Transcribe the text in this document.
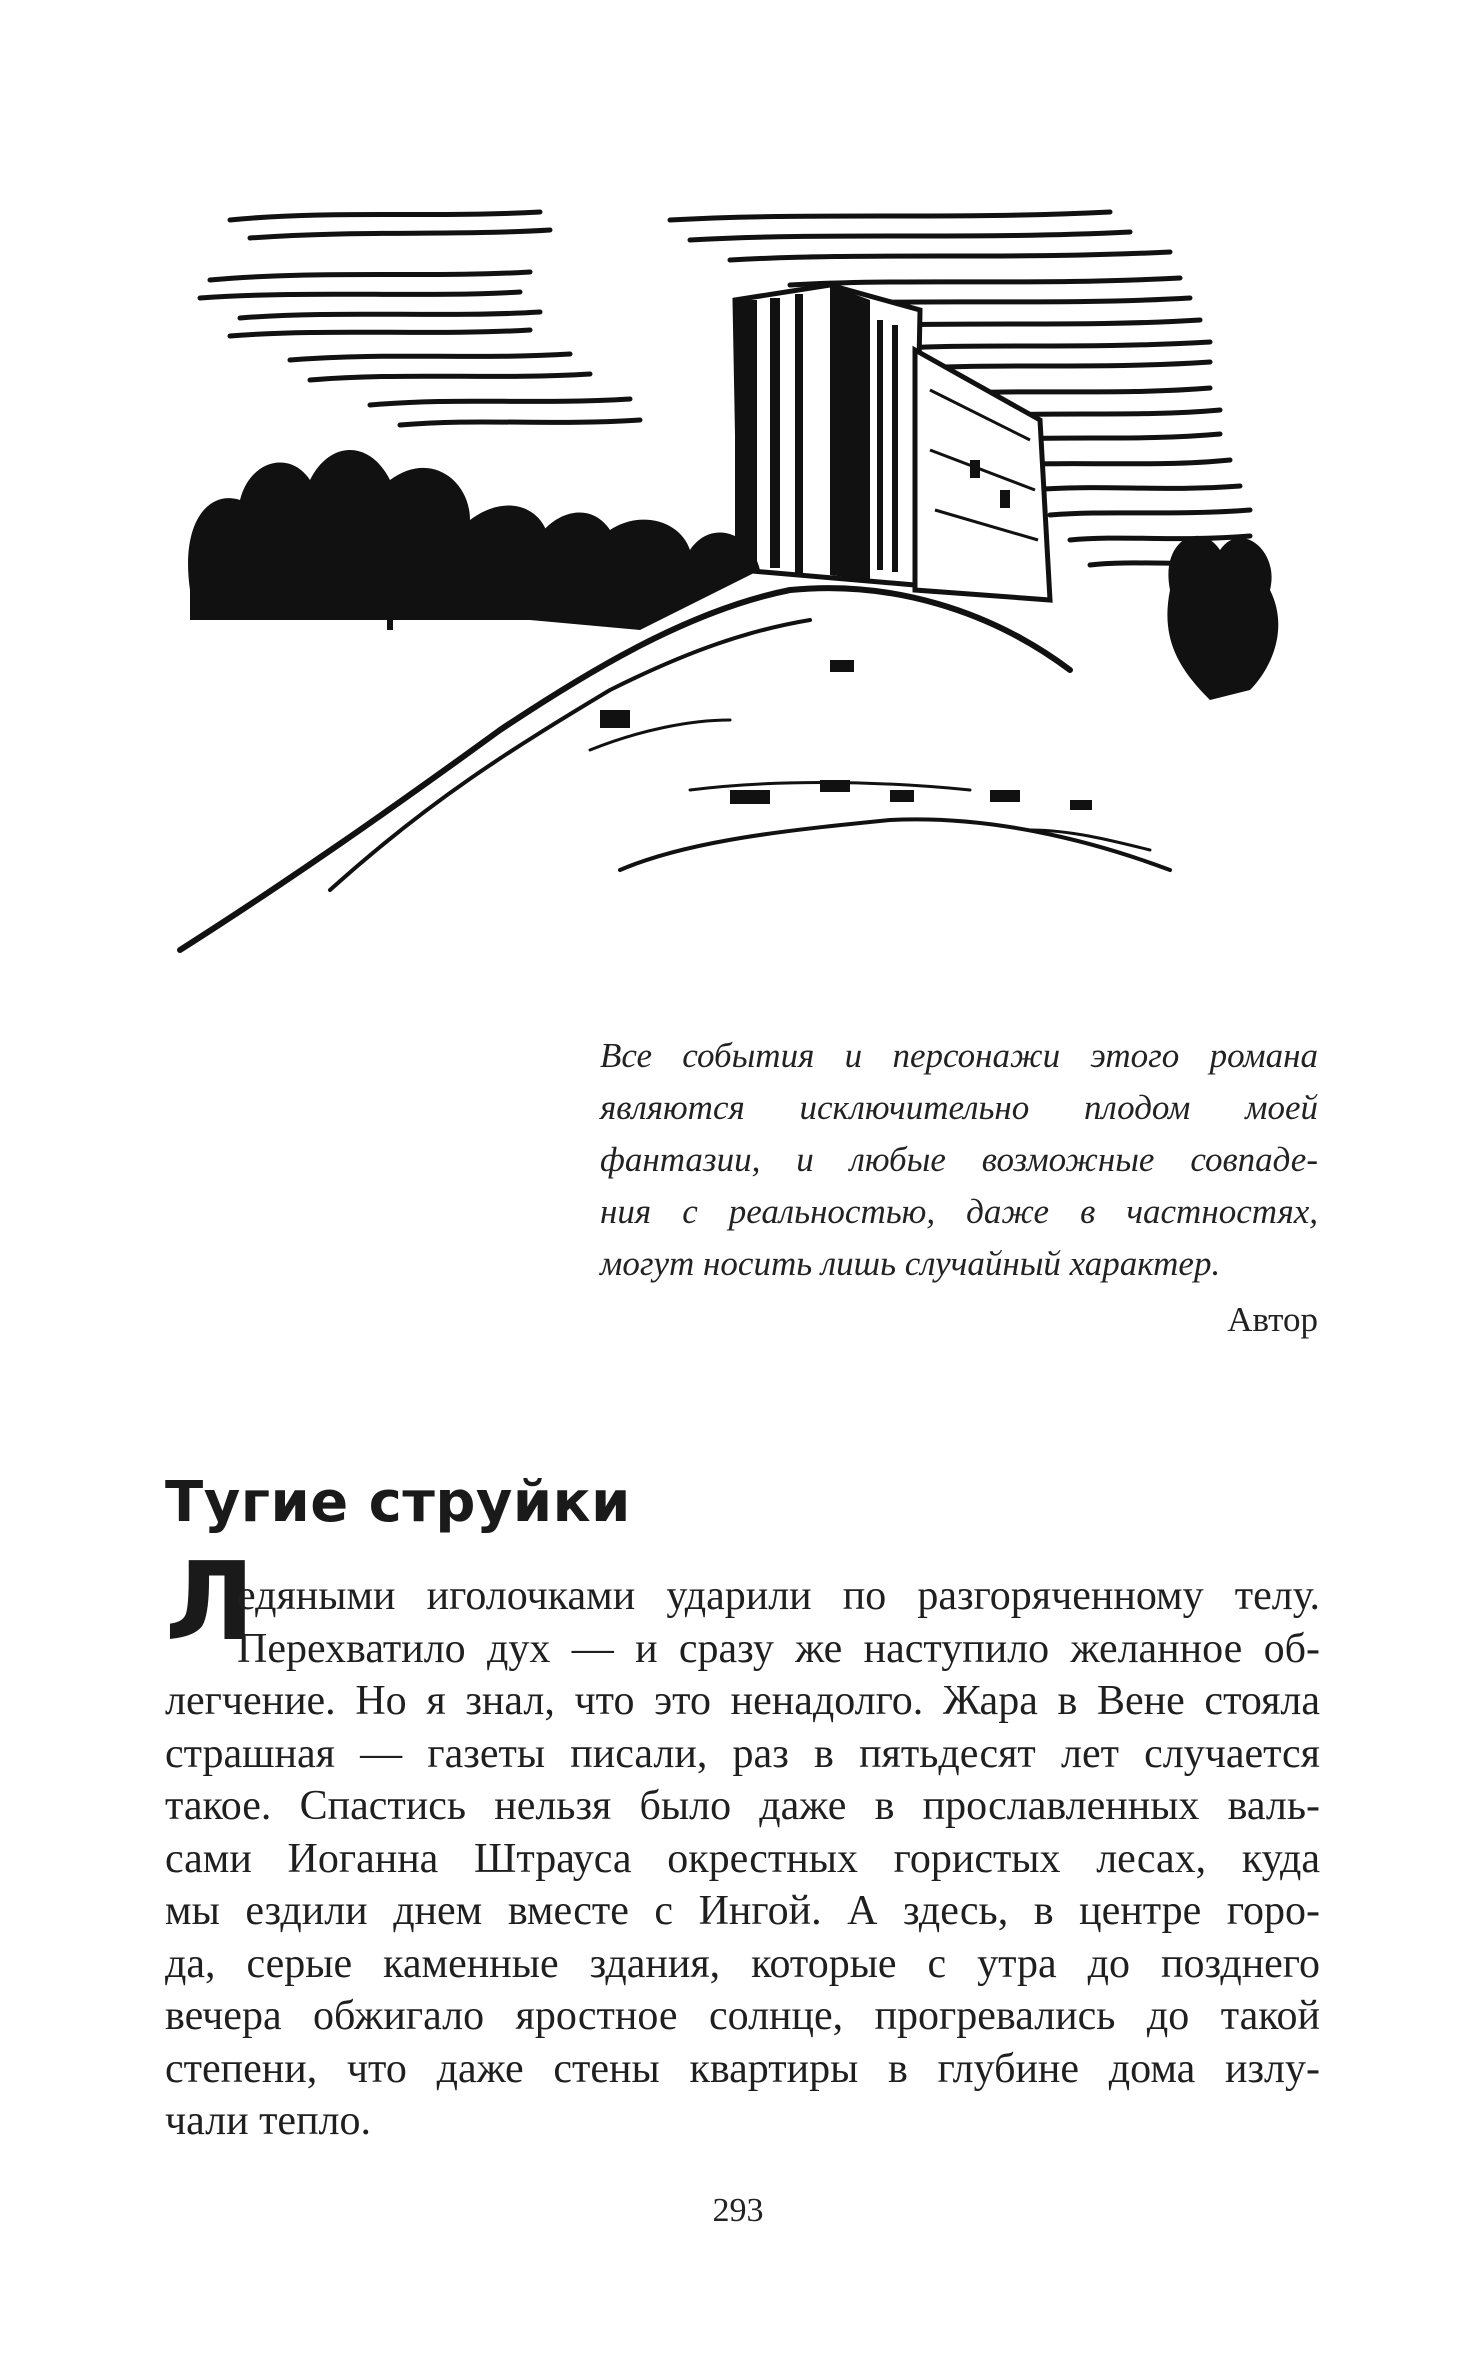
Все события и персонажи этого романа
являются исключительно плодом моей
фантазии, и любые возможные совпаде-
ния с реальностью, даже в частностях,
могут носить лишь случайный характер.
Автор
Тугие струйки
Л
едяными иголочками ударили по разгоряченному телу.
Перехватило дух — и сразу же наступило желанное об-
легчение. Но я знал, что это ненадолго. Жара в Вене стояла
страшная — газеты писали, раз в пятьдесят лет случается
такое. Спастись нельзя было даже в прославленных валь-
сами Иоганна Штрауса окрестных гористых лесах, куда
мы ездили днем вместе с Ингой. А здесь, в центре горо-
да, серые каменные здания, которые с утра до позднего
вечера обжигало яростное солнце, прогревались до такой
степени, что даже стены квартиры в глубине дома излу-
чали тепло.
293
